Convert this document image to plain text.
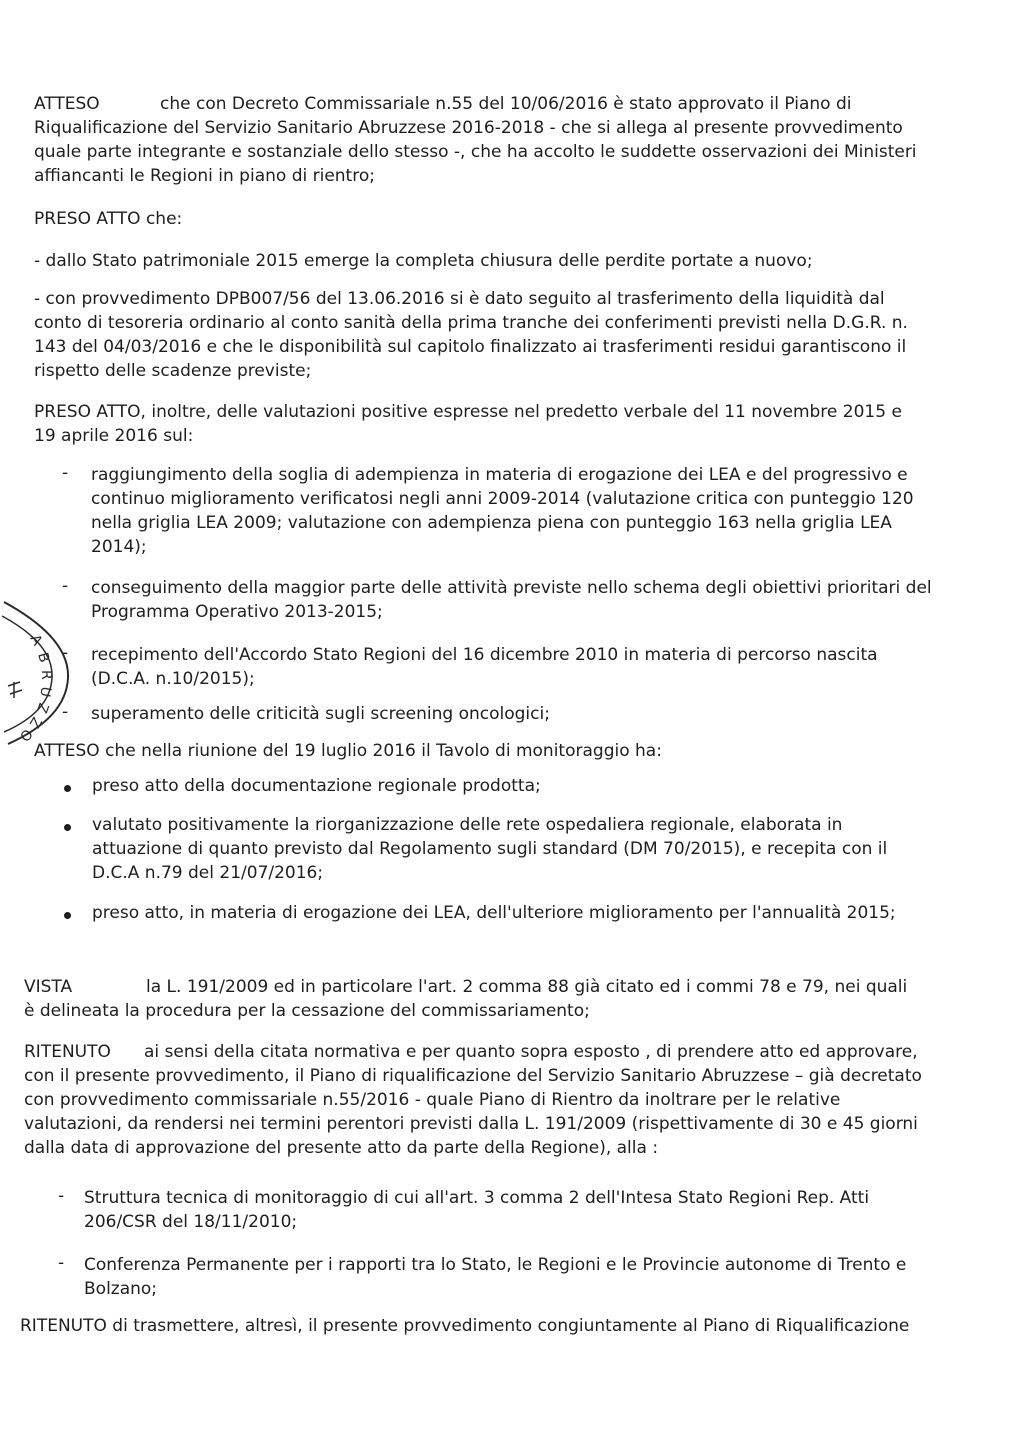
ATTESO	che con Decreto Commissariale n.55 del 10/06/2016 è stato approvato il Piano di
Riqualificazione del Servizio Sanitario Abruzzese 2016-2018 - che si allega al presente provvedimento
quale parte integrante e sostanziale dello stesso -, che ha accolto le suddette osservazioni dei Ministeri
affiancanti le Regioni in piano di rientro;
PRESO ATTO che:
- dallo Stato patrimoniale 2015 emerge la completa chiusura delle perdite portate a nuovo;
- con provvedimento DPB007/56 del 13.06.2016 si è dato seguito al trasferimento della liquidità dal
conto di tesoreria ordinario al conto sanità della prima tranche dei conferimenti previsti nella D.G.R. n.
143 del 04/03/2016 e che le disponibilità sul capitolo finalizzato ai trasferimenti residui garantiscono il
rispetto delle scadenze previste;
PRESO ATTO, inoltre, delle valutazioni positive espresse nel predetto verbale del 11 novembre 2015 e
19 aprile 2016 sul:
- raggiungimento della soglia di adempienza in materia di erogazione dei LEA e del progressivo e
continuo miglioramento verificatosi negli anni 2009-2014 (valutazione critica con punteggio 120
nella griglia LEA 2009; valutazione con adempienza piena con punteggio 163 nella griglia LEA
2014);
- conseguimento della maggior parte delle attività previste nello schema degli obiettivi prioritari del
Programma Operativo 2013-2015;
- recepimento dell'Accordo Stato Regioni del 16 dicembre 2010 in materia di percorso nascita
(D.C.A. n.10/2015);
- superamento delle criticità sugli screening oncologici;
ATTESO che nella riunione del 19 luglio 2016 il Tavolo di monitoraggio ha:
preso atto della documentazione regionale prodotta;
valutato positivamente la riorganizzazione delle rete ospedaliera regionale, elaborata in
attuazione di quanto previsto dal Regolamento sugli standard (DM 70/2015), e recepita con il
D.C.A n.79 del 21/07/2016;
preso atto, in materia di erogazione dei LEA, dell'ulteriore miglioramento per l'annualità 2015;
VISTA	la L. 191/2009 ed in particolare l'art. 2 comma 88 già citato ed i commi 78 e 79, nei quali
è delineata la procedura per la cessazione del commissariamento;
RITENUTO ai sensi della citata normativa e per quanto sopra esposto , di prendere atto ed approvare,
con il presente provvedimento, il Piano di riqualificazione del Servizio Sanitario Abruzzese – già decretato
con provvedimento commissariale n.55/2016 - quale Piano di Rientro da inoltrare per le relative
valutazioni, da rendersi nei termini perentori previsti dalla L. 191/2009 (rispettivamente di 30 e 45 giorni
dalla data di approvazione del presente atto da parte della Regione), alla :
- Struttura tecnica di monitoraggio di cui all'art. 3 comma 2 dell'Intesa Stato Regioni Rep. Atti
206/CSR del 18/11/2010;
- Conferenza Permanente per i rapporti tra lo Stato, le Regioni e le Provincie autonome di Trento e
Bolzano;
RITENUTO di trasmettere, altresì, il presente provvedimento congiuntamente al Piano di Riqualificazione
A
B
R
U
Z
Z
O
